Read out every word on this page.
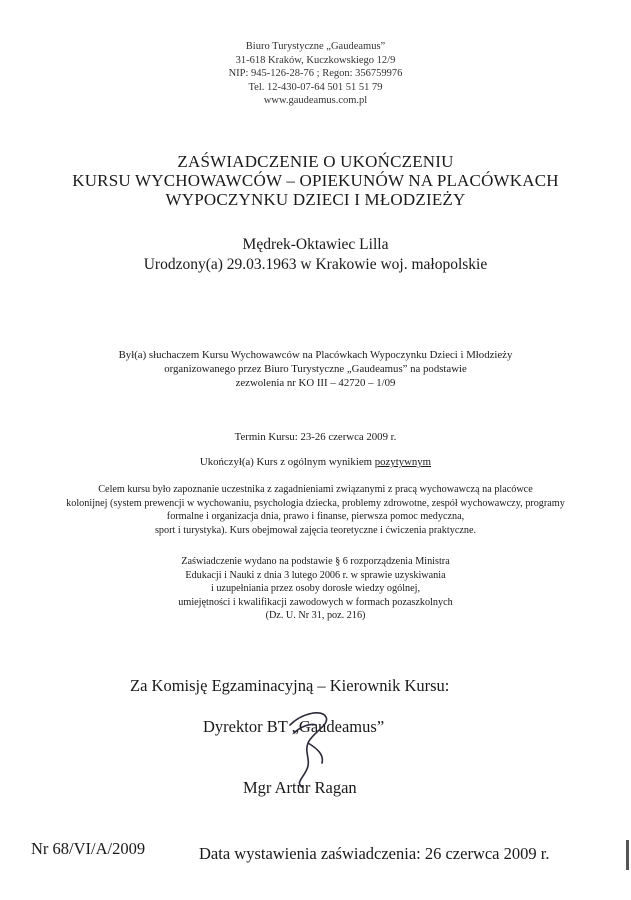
Biuro Turystyczne „Gaudeamus”
31-618 Kraków, Kuczkowskiego 12/9
NIP: 945-126-28-76 ; Regon: 356759976
Tel. 12-430-07-64 501 51 51 79
www.gaudeamus.com.pl
ZAŚWIADCZENIE O UKOŃCZENIU
KURSU WYCHOWAWCÓW – OPIEKUNÓW NA PLACÓWKACH
WYPOCZYNKU DZIECI I MŁODZIEŻY
Mędrek-Oktawiec Lilla
Urodzony(a) 29.03.1963 w Krakowie woj. małopolskie
Był(a) słuchaczem Kursu Wychowawców na Placówkach Wypoczynku Dzieci i Młodzieży
organizowanego przez Biuro Turystyczne „Gaudeamus” na podstawie
zezwolenia nr KO III – 42720 – 1/09
Termin Kursu: 23-26 czerwca 2009 r.
Ukończył(a) Kurs z ogólnym wynikiem pozytywnym
Celem kursu było zapoznanie uczestnika z zagadnieniami związanymi z pracą wychowawczą na placówce
kolonijnej (system prewencji w wychowaniu, psychologia dziecka, problemy zdrowotne, zespół wychowawczy, programy
formalne i organizacja dnia, prawo i finanse, pierwsza pomoc medyczna,
sport i turystyka). Kurs obejmował zajęcia teoretyczne i ćwiczenia praktyczne.
Zaświadczenie wydano na podstawie § 6 rozporządzenia Ministra
Edukacji i Nauki z dnia 3 lutego 2006 r. w sprawie uzyskiwania
i uzupełniania przez osoby dorosłe wiedzy ogólnej,
umiejętności i kwalifikacji zawodowych w formach pozaszkolnych
(Dz. U. Nr 31, poz. 216)
Za Komisję Egzaminacyjną – Kierownik Kursu:
Dyrektor BT „Gaudeamus”
Mgr Artur Ragan
Nr 68/VI/A/2009	Data wystawienia zaświadczenia: 26 czerwca 2009 r.
